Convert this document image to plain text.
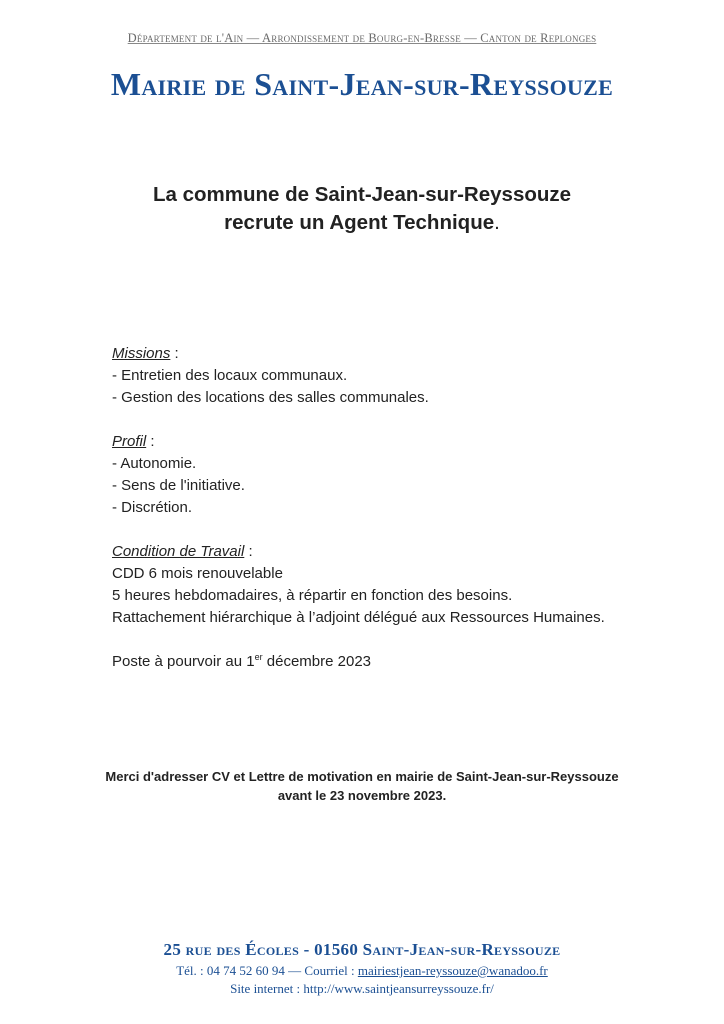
Département de l'Ain — Arrondissement de Bourg-en-Bresse — Canton de Replonges
Mairie de Saint-Jean-sur-Reyssouze
La commune de Saint-Jean-sur-Reyssouze
recrute un Agent Technique.
Missions :
- Entretien des locaux communaux.
- Gestion des locations des salles communales.
Profil :
- Autonomie.
- Sens de l'initiative.
- Discrétion.
Condition de Travail :
CDD 6 mois renouvelable
5 heures hebdomadaires, à répartir en fonction des besoins.
Rattachement hiérarchique à l’adjoint délégué aux Ressources Humaines.
Poste à pourvoir au 1er décembre 2023
Merci d'adresser CV et Lettre de motivation en mairie de Saint-Jean-sur-Reyssouze
avant le 23 novembre 2023.
25 rue des Écoles - 01560 Saint-Jean-sur-Reyssouze
Tél. : 04 74 52 60 94 — Courriel : mairiestjean-reyssouze@wanadoo.fr
Site internet : http://www.saintjeansurreyssouze.fr/
